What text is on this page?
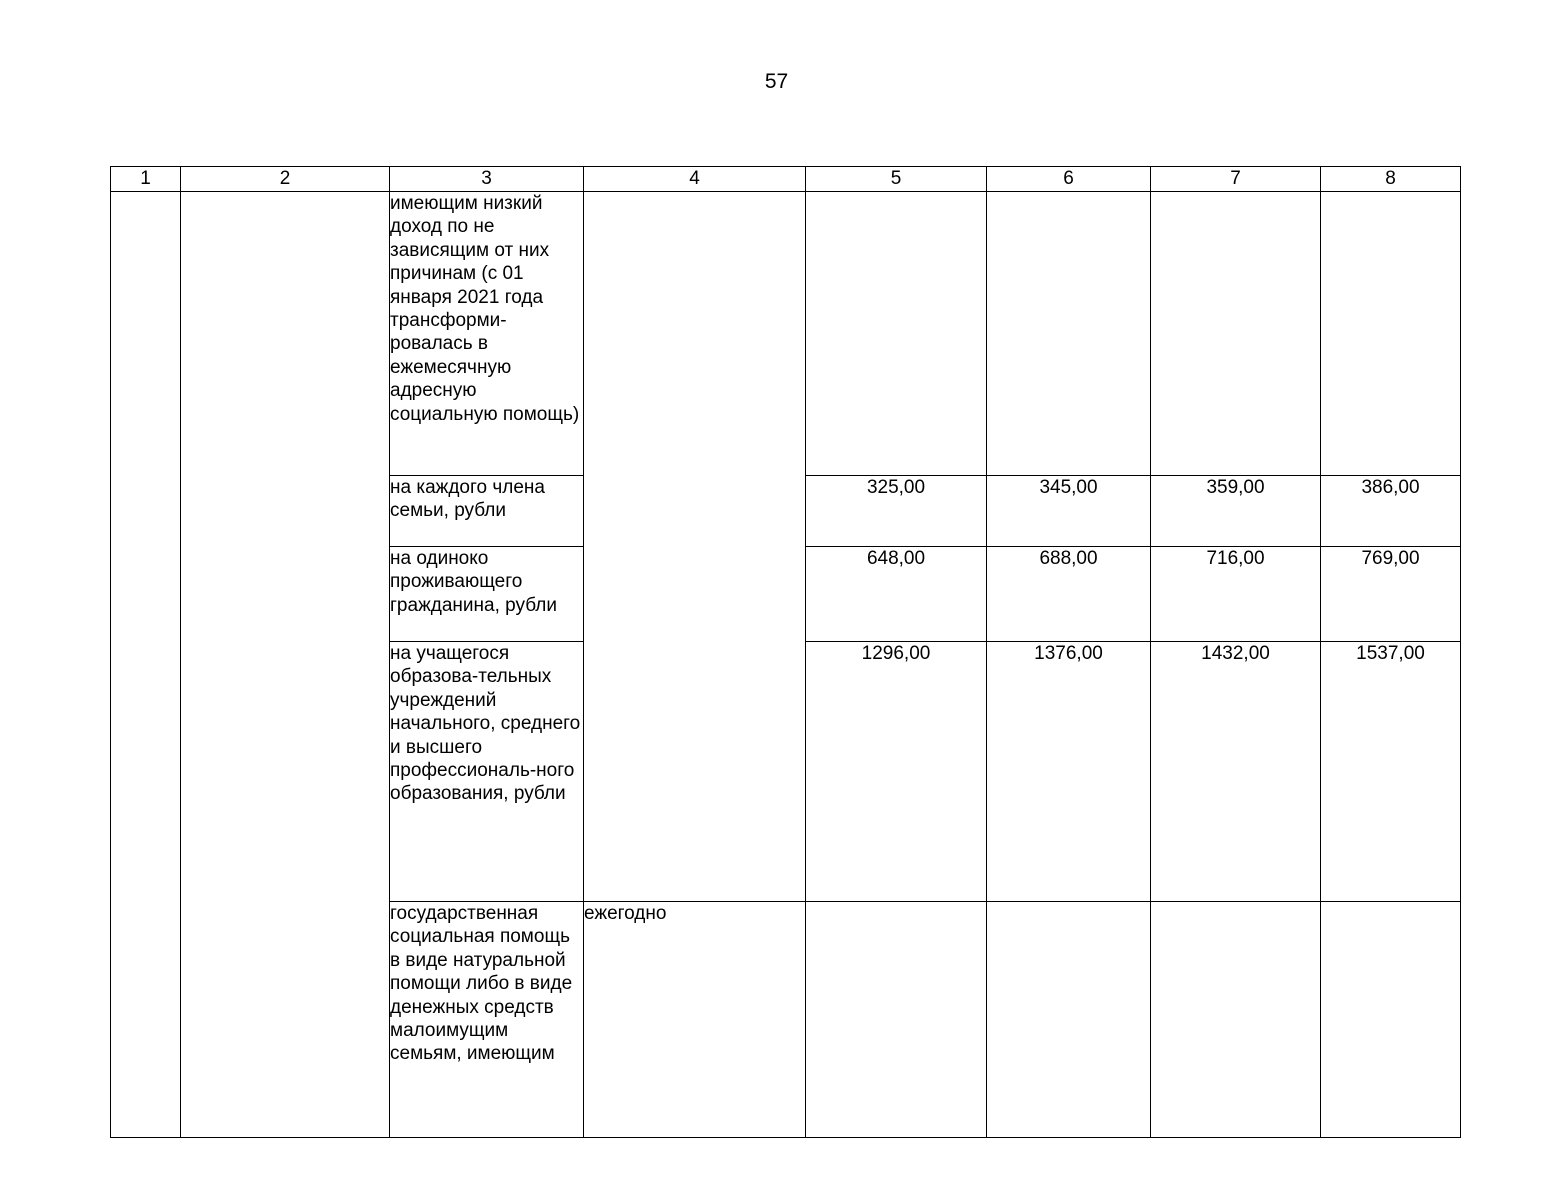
57
1	2	3	4	5	6	7	8

		имеющим низкий доход по не зависящим от них причинам (с 01 января 2021 года трансформи-ровалась в ежемесячную адресную социальную помощь)					

		на каждого члена семьи, рубли		325,00	345,00	359,00	386,00

		на одиноко проживающего гражданина, рубли		648,00	688,00	716,00	769,00

		на учащегося образова-тельных учреждений начального, среднего и высшего профессиональ-ного образования, рубли		1296,00	1376,00	1432,00	1537,00

		государственная социальная помощь в виде натуральной помощи либо в виде денежных средств малоимущим семьям, имеющим	ежегодно				
